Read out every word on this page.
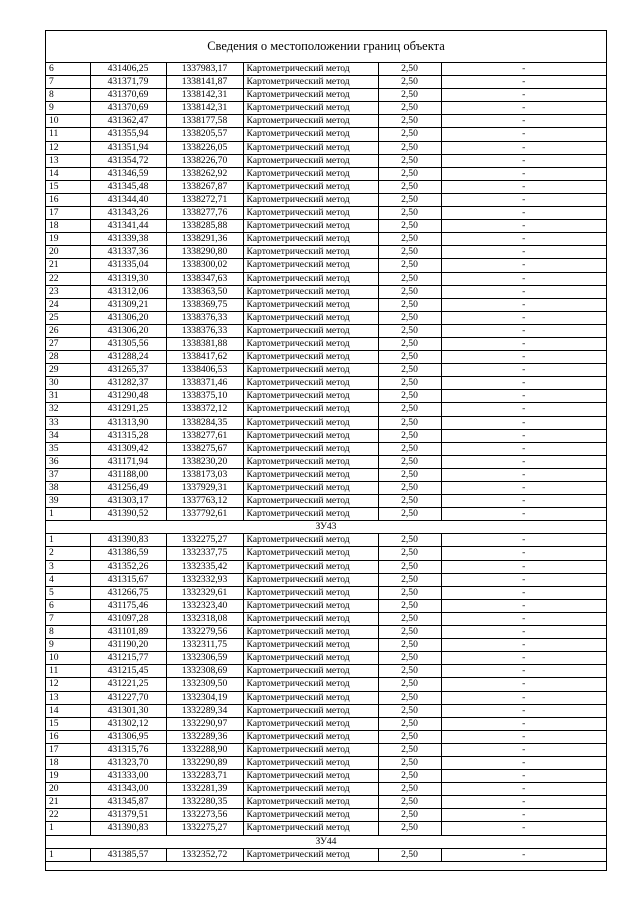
Сведения о местоположении границ объекта
6	431406,25	1337983,17	Картометрический метод	2,50	-
7	431371,79	1338141,87	Картометрический метод	2,50	-
8	431370,69	1338142,31	Картометрический метод	2,50	-
9	431370,69	1338142,31	Картометрический метод	2,50	-
10	431362,47	1338177,58	Картометрический метод	2,50	-
11	431355,94	1338205,57	Картометрический метод	2,50	-
12	431351,94	1338226,05	Картометрический метод	2,50	-
13	431354,72	1338226,70	Картометрический метод	2,50	-
14	431346,59	1338262,92	Картометрический метод	2,50	-
15	431345,48	1338267,87	Картометрический метод	2,50	-
16	431344,40	1338272,71	Картометрический метод	2,50	-
17	431343,26	1338277,76	Картометрический метод	2,50	-
18	431341,44	1338285,88	Картометрический метод	2,50	-
19	431339,38	1338291,36	Картометрический метод	2,50	-
20	431337,36	1338290,80	Картометрический метод	2,50	-
21	431335,04	1338300,02	Картометрический метод	2,50	-
22	431319,30	1338347,63	Картометрический метод	2,50	-
23	431312,06	1338363,50	Картометрический метод	2,50	-
24	431309,21	1338369,75	Картометрический метод	2,50	-
25	431306,20	1338376,33	Картометрический метод	2,50	-
26	431306,20	1338376,33	Картометрический метод	2,50	-
27	431305,56	1338381,88	Картометрический метод	2,50	-
28	431288,24	1338417,62	Картометрический метод	2,50	-
29	431265,37	1338406,53	Картометрический метод	2,50	-
30	431282,37	1338371,46	Картометрический метод	2,50	-
31	431290,48	1338375,10	Картометрический метод	2,50	-
32	431291,25	1338372,12	Картометрический метод	2,50	-
33	431313,90	1338284,35	Картометрический метод	2,50	-
34	431315,28	1338277,61	Картометрический метод	2,50	-
35	431309,42	1338275,67	Картометрический метод	2,50	-
36	431171,94	1338230,20	Картометрический метод	2,50	-
37	431188,00	1338173,03	Картометрический метод	2,50	-
38	431256,49	1337929,31	Картометрический метод	2,50	-
39	431303,17	1337763,12	Картометрический метод	2,50	-
1	431390,52	1337792,61	Картометрический метод	2,50	-
ЗУ43					
1	431390,83	1332275,27	Картометрический метод	2,50	-
2	431386,59	1332337,75	Картометрический метод	2,50	-
3	431352,26	1332335,42	Картометрический метод	2,50	-
4	431315,67	1332332,93	Картометрический метод	2,50	-
5	431266,75	1332329,61	Картометрический метод	2,50	-
6	431175,46	1332323,40	Картометрический метод	2,50	-
7	431097,28	1332318,08	Картометрический метод	2,50	-
8	431101,89	1332279,56	Картометрический метод	2,50	-
9	431190,20	1332311,75	Картометрический метод	2,50	-
10	431215,77	1332306,59	Картометрический метод	2,50	-
11	431215,45	1332308,69	Картометрический метод	2,50	-
12	431221,25	1332309,50	Картометрический метод	2,50	-
13	431227,70	1332304,19	Картометрический метод	2,50	-
14	431301,30	1332289,34	Картометрический метод	2,50	-
15	431302,12	1332290,97	Картометрический метод	2,50	-
16	431306,95	1332289,36	Картометрический метод	2,50	-
17	431315,76	1332288,90	Картометрический метод	2,50	-
18	431323,70	1332290,89	Картометрический метод	2,50	-
19	431333,00	1332283,71	Картометрический метод	2,50	-
20	431343,00	1332281,39	Картометрический метод	2,50	-
21	431345,87	1332280,35	Картометрический метод	2,50	-
22	431379,51	1332273,56	Картометрический метод	2,50	-
1	431390,83	1332275,27	Картометрический метод	2,50	-
ЗУ44					
1	431385,57	1332352,72	Картометрический метод	2,50	-
